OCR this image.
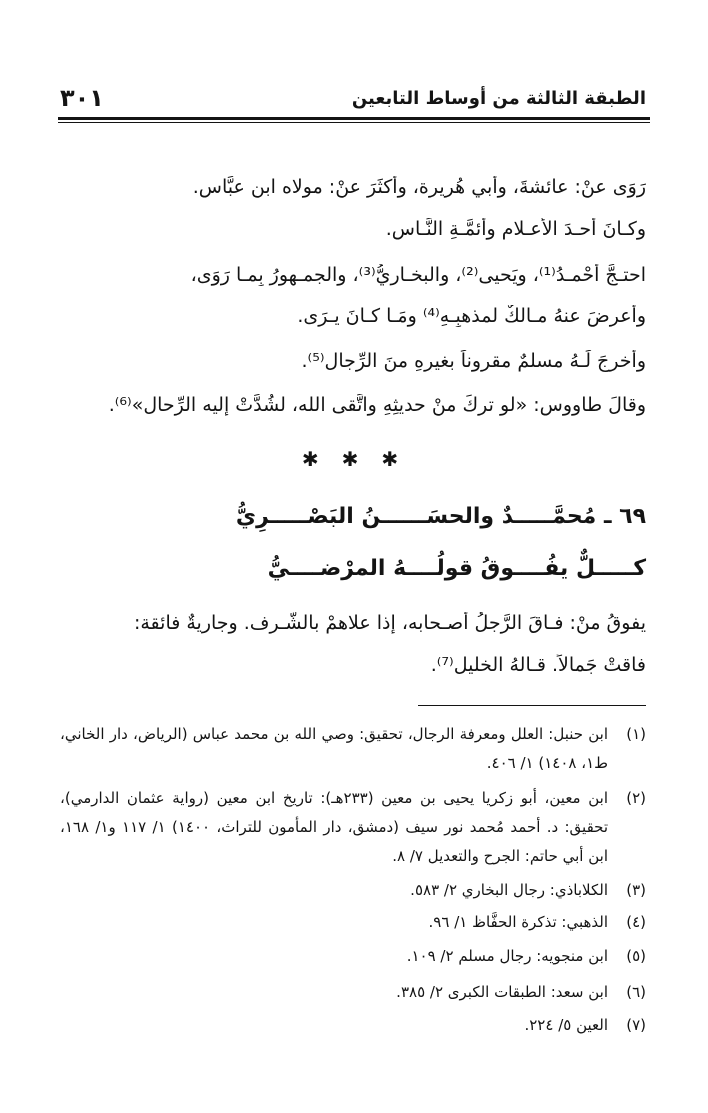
٣٠١	الطبقة الثالثة من أوساط التابعين
رَوَى عنْ: عائشةَ، وأبي هُريرة، وأكثَرَ عنْ: مولاه ابن عبَّاس.
وكـانَ أحـدَ الأعـلامِ وأئمَّـةِ النَّـاس.
احتـجَّ أحْمـدُ⁽¹⁾، ويَحيى⁽²⁾، والبخـاريُّ⁽³⁾، والجمـهورُ بِمـا رَوَى،
وأعرضَ عنهُ مـالكٌ لمذهبِـهِ⁽⁴⁾ ومَـا كـانَ يـرَى.
وأخرجَ لَـهُ مسلمٌ مقروناً بغيرِهِ منَ الرِّجال⁽⁵⁾.
وقالَ طاووس: «لو تركَ منْ حديثِهِ واتَّقى الله، لشُدَّتْ إليه الرِّحال»⁽⁶⁾.
✱ ✱ ✱
٦٩ ـ مُحمَّـــــدٌ والحسَــــــنُ البَصْـــــرِيُّ
كـــــلٌّ يفُــــوقُ قولُــــهُ المرْضــــيُّ
يفوقُ منْ: فـاقَ الرَّجلُ أصـحابه، إذا علاهمْ بالشَّـرف. وجاريةٌ فائقة:
فاقتْ جَمالاً. قـالهُ الخليل⁽⁷⁾.
(١)
ابن حنبل: العلل ومعرفة الرجال، تحقيق: وصي الله بن محمد عباس (الرياض، دار الخاني، ط١، ١٤٠٨) ١/ ٤٠٦.
(٢)
ابن معين، أبو زكريا يحيى بن معين (٢٣٣هـ): تاريخ ابن معين (رواية عثمان الدارمي)، تحقيق: د. أحمد مُحمد نور سيف (دمشق، دار المأمون للتراث، ١٤٠٠) ١/ ١١٧ و١/ ١٦٨، ابن أبي حاتم: الجرح والتعديل ٧/ ٨.
(٣)
الكلاباذي: رجال البخاري ٢/ ٥٨٣.
(٤)
الذهبي: تذكرة الحفَّاظ ١/ ٩٦.
(٥)
ابن منجويه: رجال مسلم ٢/ ١٠٩.
(٦)
ابن سعد: الطبقات الكبرى ٢/ ٣٨٥.
(٧)
العين ٥/ ٢٢٤.
